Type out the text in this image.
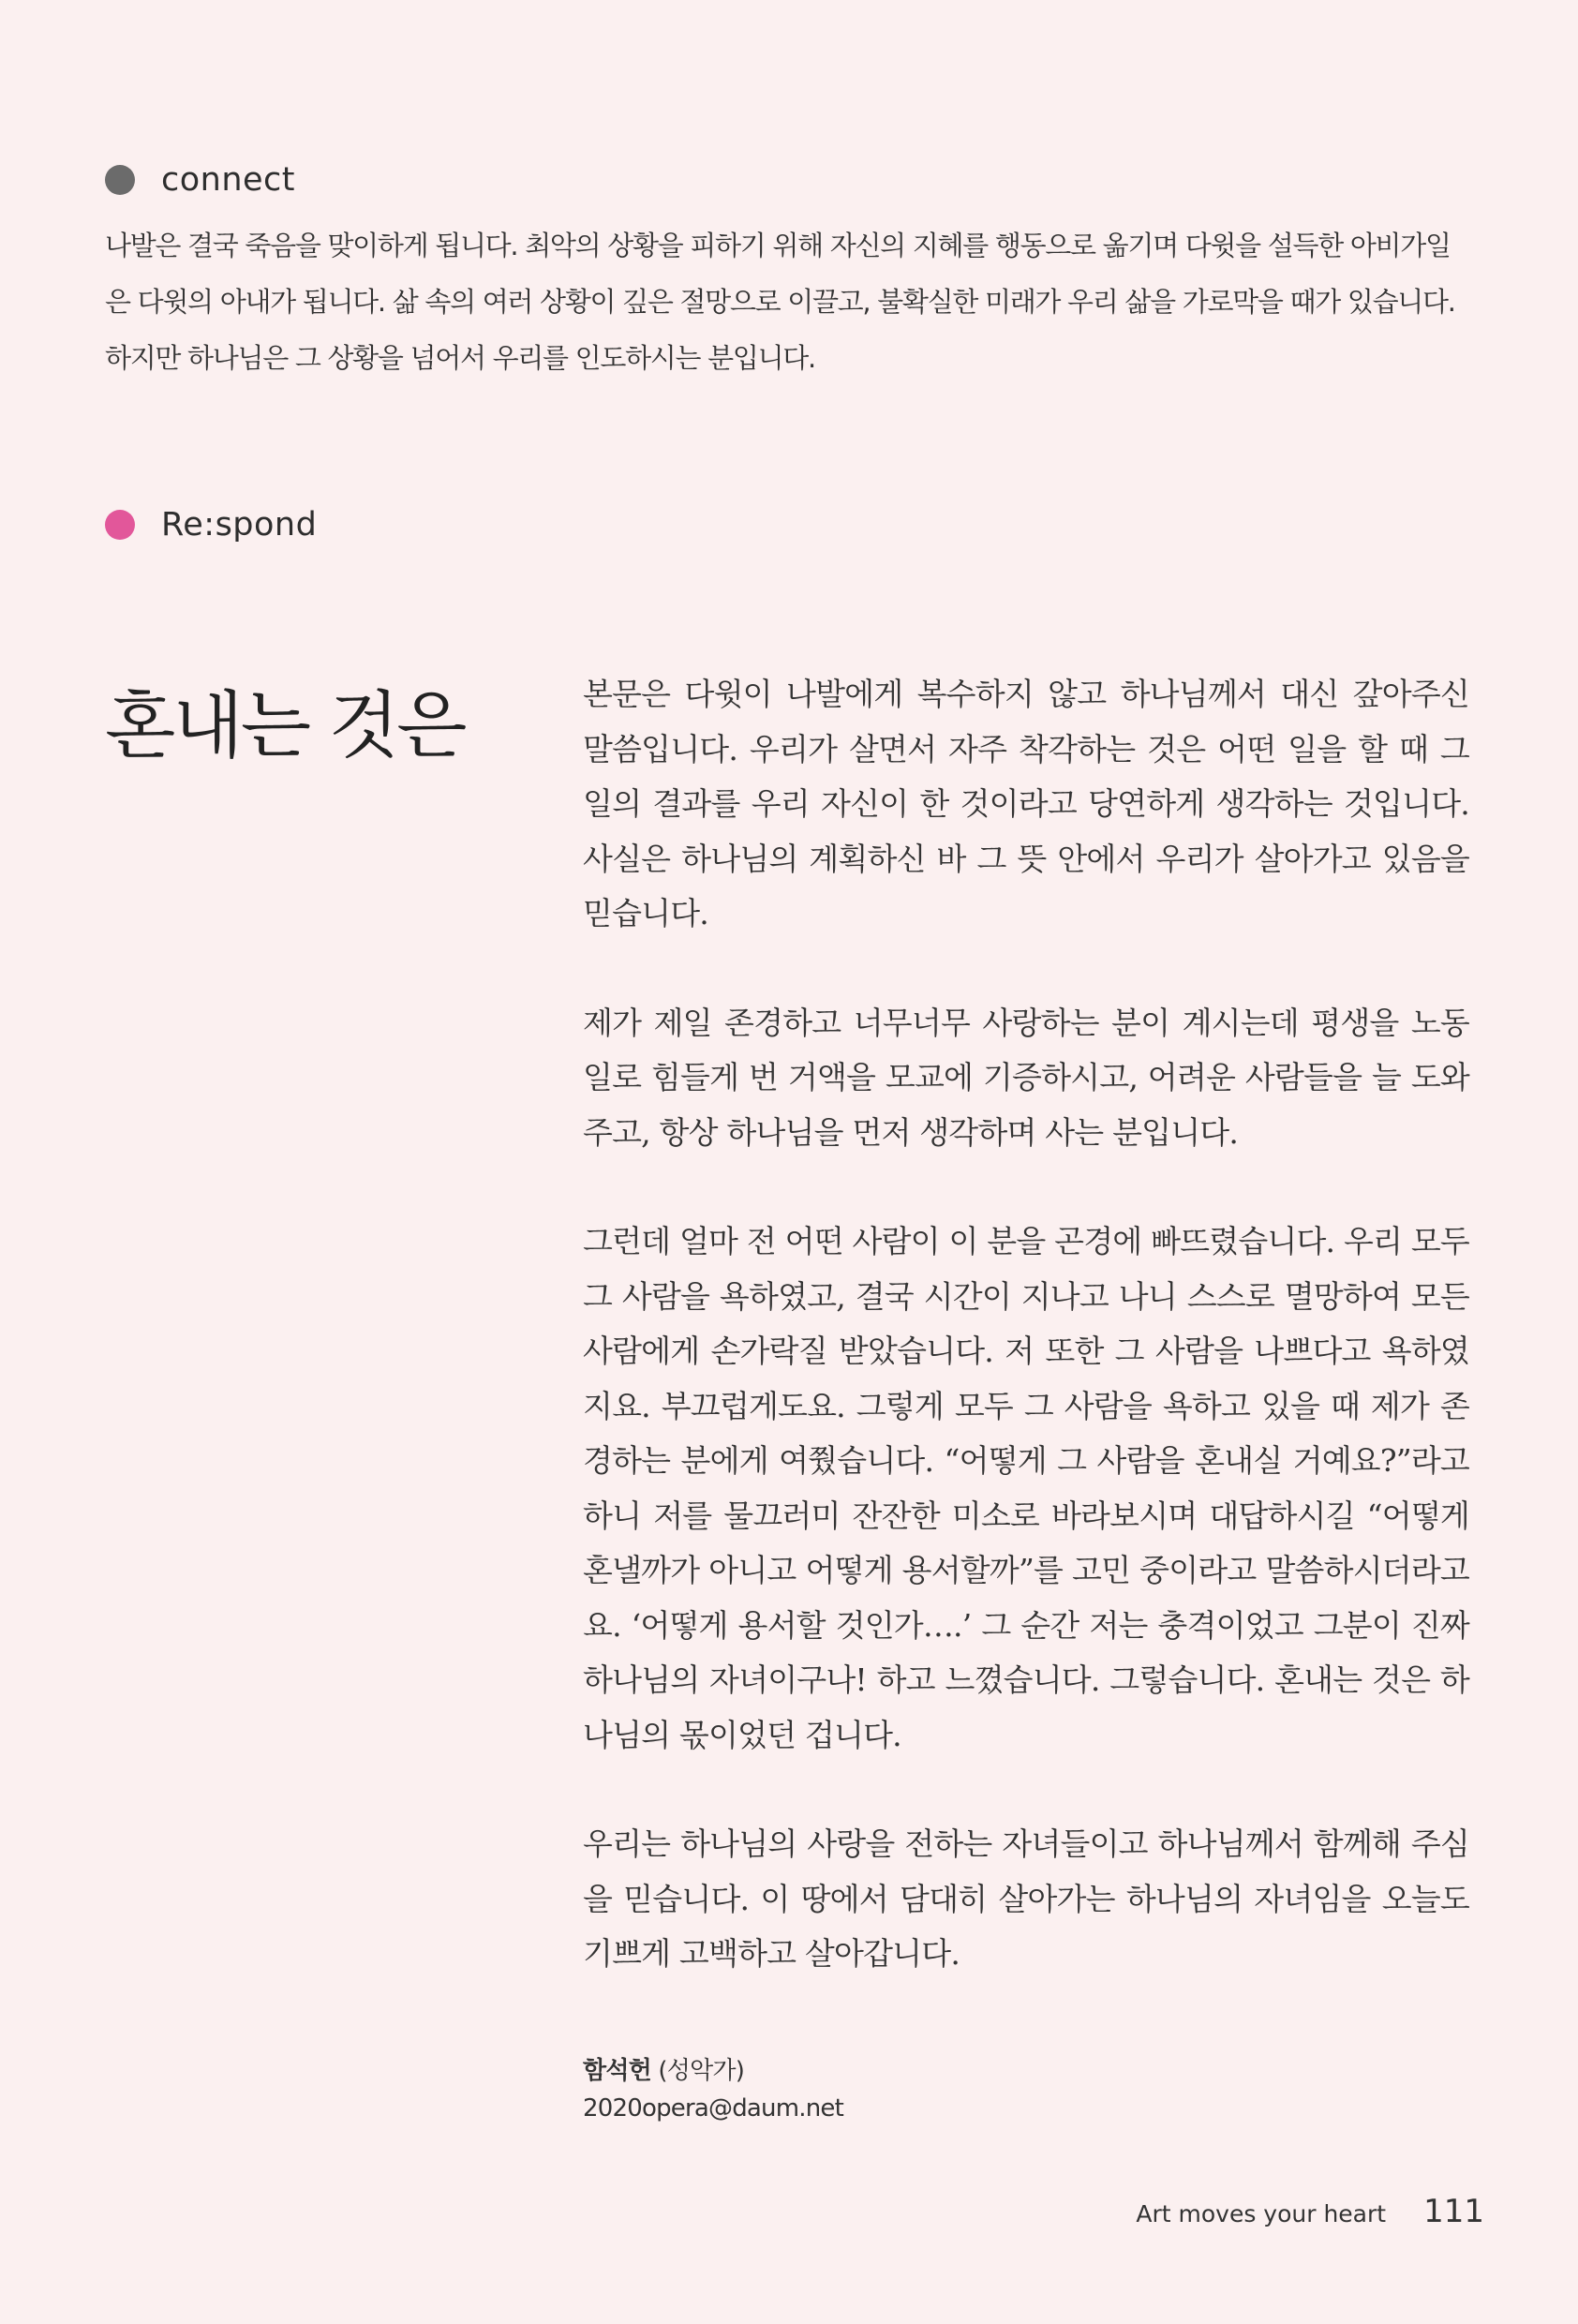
connect
나발은 결국 죽음을 맞이하게 됩니다. 최악의 상황을 피하기 위해 자신의 지혜를 행동으로 옮기며 다윗을 설득한 아비가일은 다윗의 아내가 됩니다. 삶 속의 여러 상황이 깊은 절망으로 이끌고, 불확실한 미래가 우리 삶을 가로막을 때가 있습니다. 하지만 하나님은 그 상황을 넘어서 우리를 인도하시는 분입니다.
Re:spond
혼내는 것은	본문은 다윗이 나발에게 복수하지 않고 하나님께서 대신 갚아주신 말씀입니다. 우리가 살면서 자주 착각하는 것은 어떤 일을 할 때 그 일의 결과를 우리 자신이 한 것이라고 당연하게 생각하는 것입니다. 사실은 하나님의 계획하신 바 그 뜻 안에서 우리가 살아가고 있음을 믿습니다.

제가 제일 존경하고 너무너무 사랑하는 분이 계시는데 평생을 노동일로 힘들게 번 거액을 모교에 기증하시고, 어려운 사람들을 늘 도와주고, 항상 하나님을 먼저 생각하며 사는 분입니다.

그런데 얼마 전 어떤 사람이 이 분을 곤경에 빠뜨렸습니다. 우리 모두 그 사람을 욕하였고, 결국 시간이 지나고 나니 스스로 멸망하여 모든 사람에게 손가락질 받았습니다. 저 또한 그 사람을 나쁘다고 욕하였지요. 부끄럽게도요. 그렇게 모두 그 사람을 욕하고 있을 때 제가 존경하는 분에게 여쭸습니다. “어떻게 그 사람을 혼내실 거예요?”라고 하니 저를 물끄러미 잔잔한 미소로 바라보시며 대답하시길 “어떻게 혼낼까가 아니고 어떻게 용서할까”를 고민 중이라고 말씀하시더라고요. ‘어떻게 용서할 것인가….’ 그 순간 저는 충격이었고 그분이 진짜 하나님의 자녀이구나! 하고 느꼈습니다. 그렇습니다. 혼내는 것은 하나님의 몫이었던 겁니다.

우리는 하나님의 사랑을 전하는 자녀들이고 하나님께서 함께해 주심을 믿습니다. 이 땅에서 담대히 살아가는 하나님의 자녀임을 오늘도 기쁘게 고백하고 살아갑니다.

함석헌 (성악가)
2020opera@daum.net
Art moves your heart 111
